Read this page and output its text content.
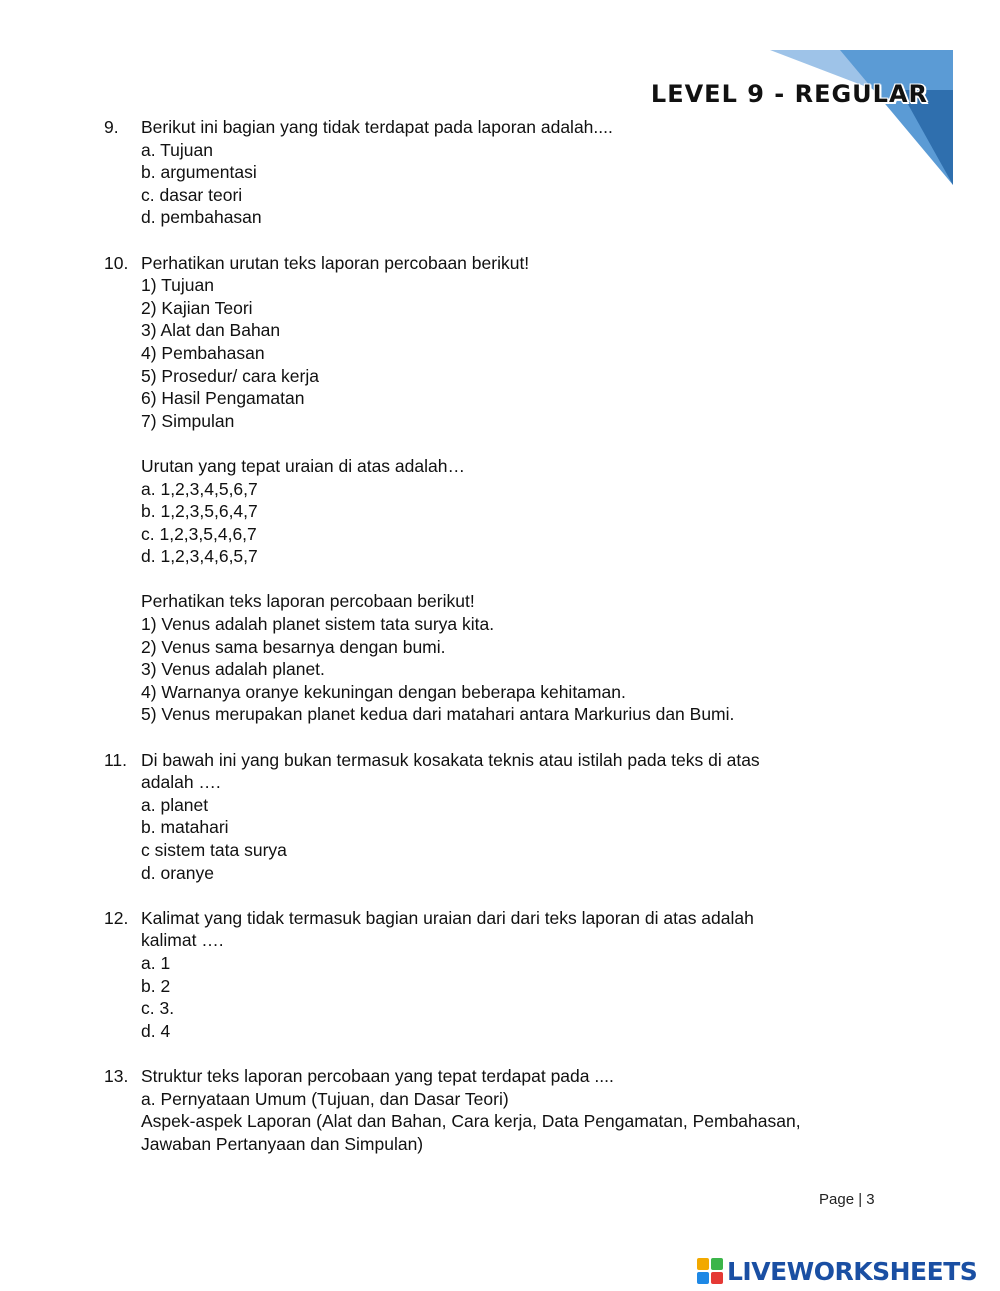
LEVEL 9 - REGULAR
9. Berikut ini bagian yang tidak terdapat pada laporan adalah....
a. Tujuan
b. argumentasi
c. dasar teori
d. pembahasan
10. Perhatikan urutan teks laporan percobaan berikut!
1) Tujuan
2) Kajian Teori
3) Alat dan Bahan
4) Pembahasan
5) Prosedur/ cara kerja
6) Hasil Pengamatan
7) Simpulan
Urutan yang tepat uraian di atas adalah…
a. 1,2,3,4,5,6,7
b. 1,2,3,5,6,4,7
c. 1,2,3,5,4,6,7
d. 1,2,3,4,6,5,7
Perhatikan teks laporan percobaan berikut!
1) Venus adalah planet sistem tata surya kita.
2) Venus sama besarnya dengan bumi.
3) Venus adalah planet.
4) Warnanya oranye kekuningan dengan beberapa kehitaman.
5) Venus merupakan planet kedua dari matahari antara Markurius dan Bumi.
11. Di bawah ini yang bukan termasuk kosakata teknis atau istilah pada teks di atas
adalah ….
a. planet
b. matahari
c sistem tata surya
d. oranye
12. Kalimat yang tidak termasuk bagian uraian dari dari teks laporan di atas adalah
kalimat ….
a. 1
b. 2
c. 3.
d. 4
13. Struktur teks laporan percobaan yang tepat terdapat pada ....
a. Pernyataan Umum (Tujuan, dan Dasar Teori)
Aspek-aspek Laporan (Alat dan Bahan, Cara kerja, Data Pengamatan, Pembahasan,
Jawaban Pertanyaan dan Simpulan)
Page | 3
LIVEWORKSHEETS
